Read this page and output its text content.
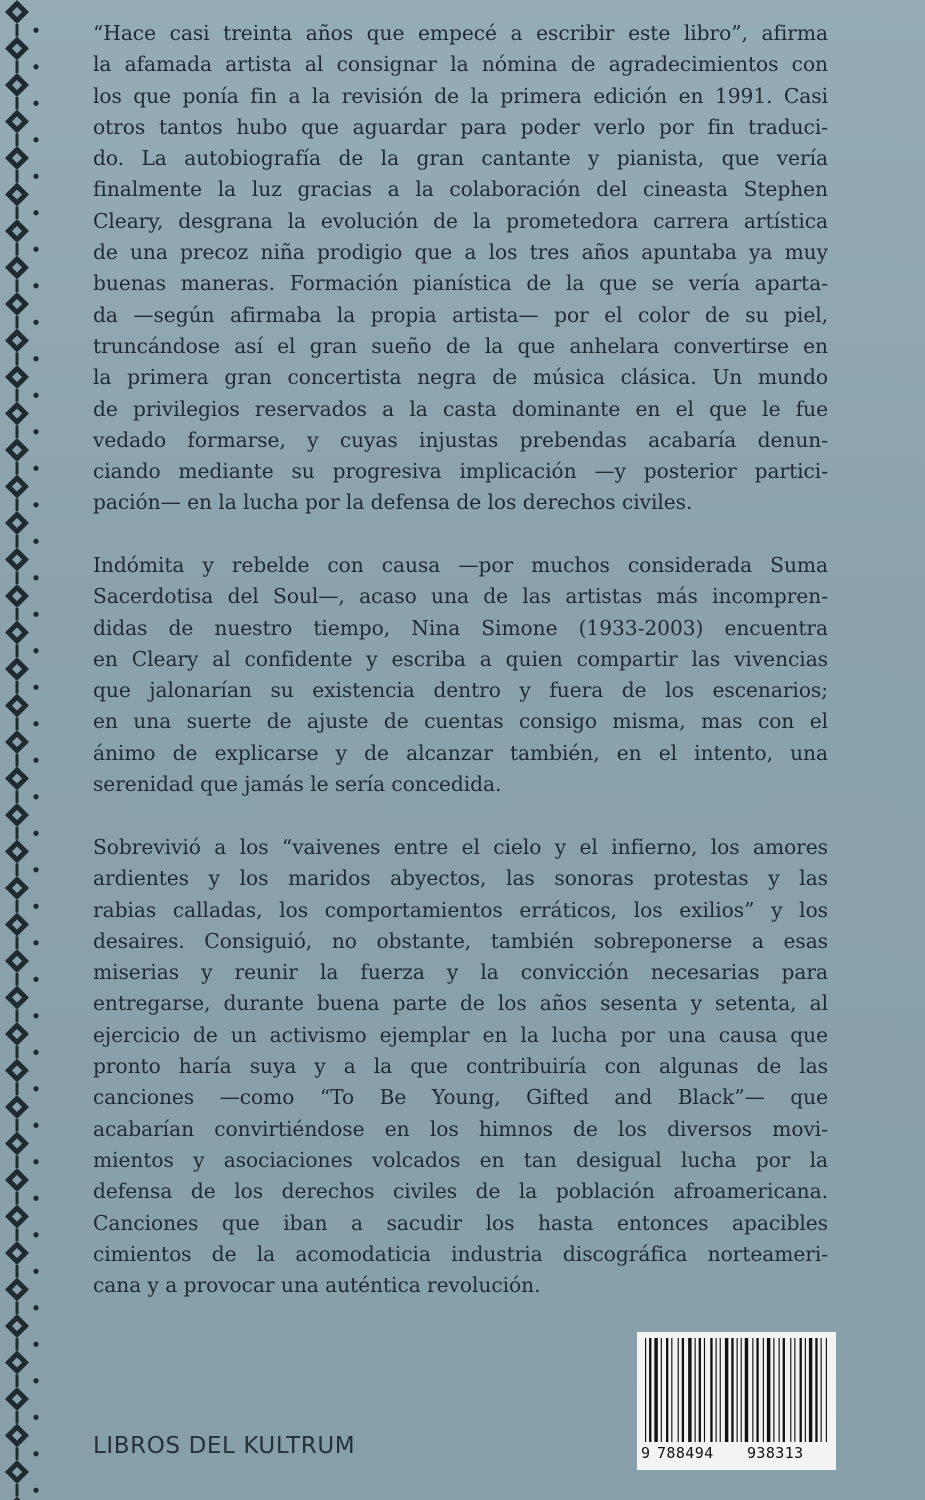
“Hace casi treinta años que empecé a escribir este libro”, afirma
la afamada artista al consignar la nómina de agradecimientos con
los que ponía fin a la revisión de la primera edición en 1991. Casi
otros tantos hubo que aguardar para poder verlo por fin traduci-
do. La autobiografía de la gran cantante y pianista, que vería
finalmente la luz gracias a la colaboración del cineasta Stephen
Cleary, desgrana la evolución de la prometedora carrera artística
de una precoz niña prodigio que a los tres años apuntaba ya muy
buenas maneras. Formación pianística de la que se vería aparta-
da —según afirmaba la propia artista— por el color de su piel,
truncándose así el gran sueño de la que anhelara convertirse en
la primera gran concertista negra de música clásica. Un mundo
de privilegios reservados a la casta dominante en el que le fue
vedado formarse, y cuyas injustas prebendas acabaría denun-
ciando mediante su progresiva implicación —y posterior partici-
pación— en la lucha por la defensa de los derechos civiles.
Indómita y rebelde con causa —por muchos considerada Suma
Sacerdotisa del Soul—, acaso una de las artistas más incompren-
didas de nuestro tiempo, Nina Simone (1933-2003) encuentra
en Cleary al confidente y escriba a quien compartir las vivencias
que jalonarían su existencia dentro y fuera de los escenarios;
en una suerte de ajuste de cuentas consigo misma, mas con el
ánimo de explicarse y de alcanzar también, en el intento, una
serenidad que jamás le sería concedida.
Sobrevivió a los “vaivenes entre el cielo y el infierno, los amores
ardientes y los maridos abyectos, las sonoras protestas y las
rabias calladas, los comportamientos erráticos, los exilios” y los
desaires. Consiguió, no obstante, también sobreponerse a esas
miserias y reunir la fuerza y la convicción necesarias para
entregarse, durante buena parte de los años sesenta y setenta, al
ejercicio de un activismo ejemplar en la lucha por una causa que
pronto haría suya y a la que contribuiría con algunas de las
canciones —como “To Be Young, Gifted and Black”— que
acabarían convirtiéndose en los himnos de los diversos movi-
mientos y asociaciones volcados en tan desigual lucha por la
defensa de los derechos civiles de la población afroamericana.
Canciones que iban a sacudir los hasta entonces apacibles
cimientos de la acomodaticia industria discográfica norteameri-
cana y a provocar una auténtica revolución.
LIBROS DEL KULTRUM	9 788494 938313
